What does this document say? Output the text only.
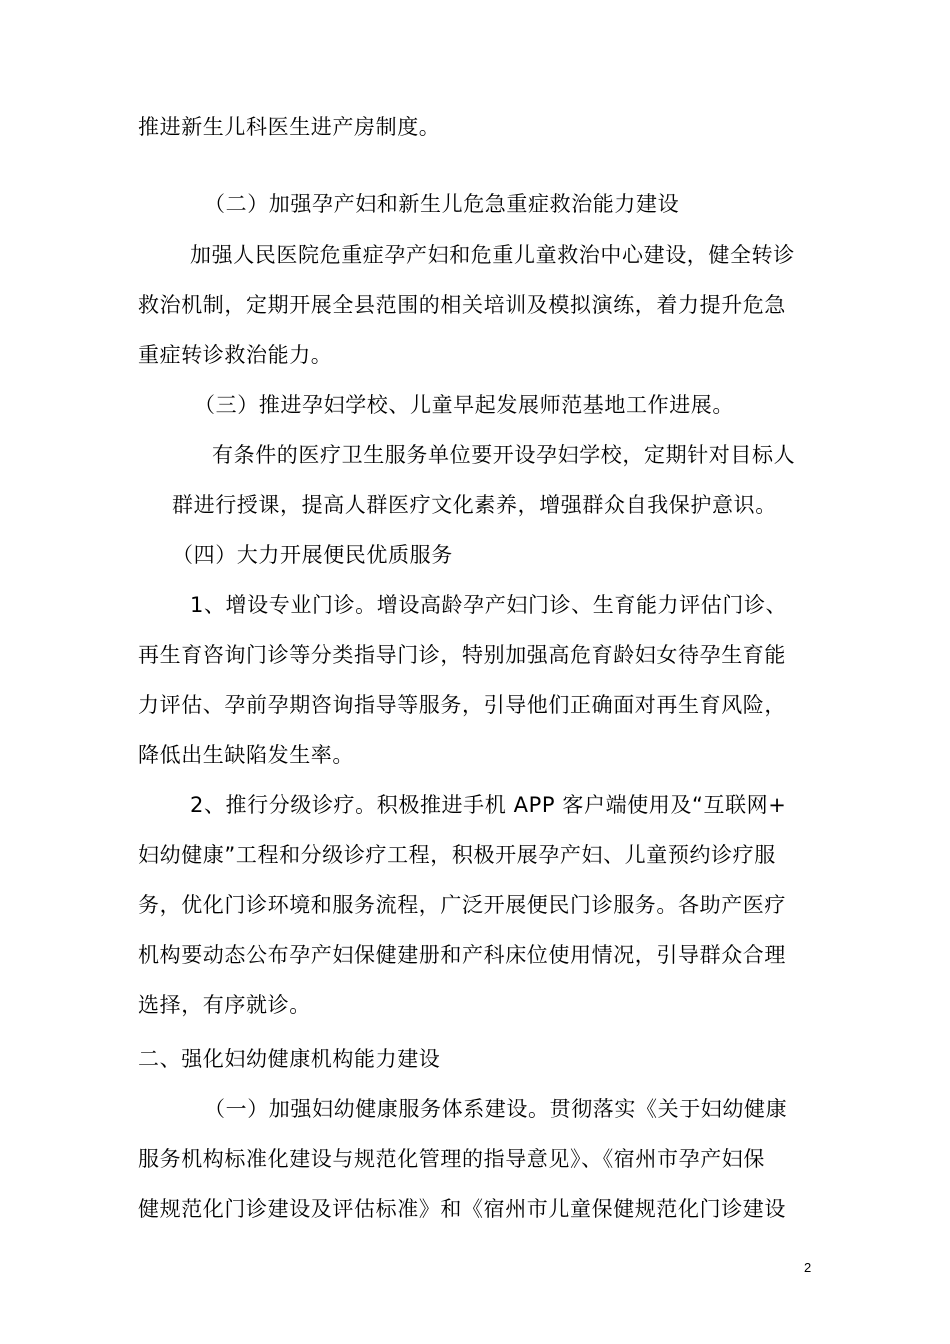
推进新生儿科医生进产房制度。
（二）加强孕产妇和新生儿危急重症救治能力建设
加强人民医院危重症孕产妇和危重儿童救治中心建设，健全转诊
救治机制，定期开展全县范围的相关培训及模拟演练，着力提升危急
重症转诊救治能力。
（三）推进孕妇学校、儿童早起发展师范基地工作进展。
有条件的医疗卫生服务单位要开设孕妇学校，定期针对目标人
群进行授课，提高人群医疗文化素养，增强群众自我保护意识。
（四）大力开展便民优质服务
1、增设专业门诊。增设高龄孕产妇门诊、生育能力评估门诊、
再生育咨询门诊等分类指导门诊，特别加强高危育龄妇女待孕生育能
力评估、孕前孕期咨询指导等服务，引导他们正确面对再生育风险，
降低出生缺陷发生率。
2、推行分级诊疗。积极推进手机 APP 客户端使用及“互联网+
妇幼健康”工程和分级诊疗工程，积极开展孕产妇、儿童预约诊疗服
务，优化门诊环境和服务流程，广泛开展便民门诊服务。各助产医疗
机构要动态公布孕产妇保健建册和产科床位使用情况，引导群众合理
选择，有序就诊。
二、强化妇幼健康机构能力建设
（一）加强妇幼健康服务体系建设。贯彻落实《关于妇幼健康
服务机构标准化建设与规范化管理的指导意见》、《宿州市孕产妇保
健规范化门诊建设及评估标准》和《宿州市儿童保健规范化门诊建设
2
